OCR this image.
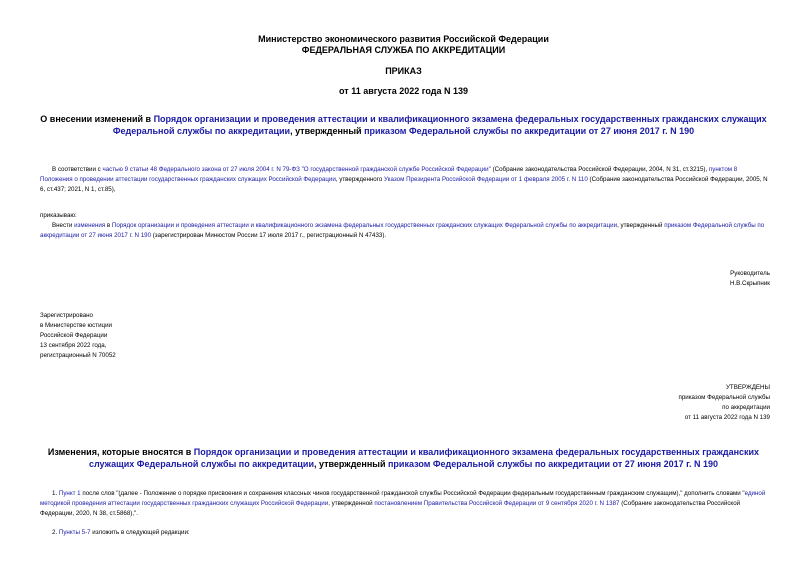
Министерство экономического развития Российской Федерации
ФЕДЕРАЛЬНАЯ СЛУЖБА ПО АККРЕДИТАЦИИ
ПРИКАЗ
от 11 августа 2022 года N 139
О внесении изменений в Порядок организации и проведения аттестации и квалификационного экзамена федеральных государственных гражданских служащих Федеральной службы по аккредитации, утвержденный приказом Федеральной службы по аккредитации от 27 июня 2017 г. N 190
В соответствии с частью 9 статьи 48 Федерального закона от 27 июля 2004 г. N 79-ФЗ "О государственной гражданской службе Российской Федерации" (Собрание законодательства Российской Федерации, 2004, N 31, ст.3215), пунктом 8 Положения о проведении аттестации государственных гражданских служащих Российской Федерации, утвержденного Указом Президента Российской Федерации от 1 февраля 2005 г. N 110 (Собрание законодательства Российской Федерации, 2005, N 6, ст.437; 2021, N 1, ст.85),
приказываю:
Внести изменения в Порядок организации и проведения аттестации и квалификационного экзамена федеральных государственных гражданских служащих Федеральной службы по аккредитации, утвержденный приказом Федеральной службы по аккредитации от 27 июня 2017 г. N 190 (зарегистрирован Минюстом России 17 июля 2017 г., регистрационный N 47433).
Руководитель
Н.В.Скрыпник
Зарегистрировано
в Министерстве юстиции
Российской Федерации
13 сентября 2022 года,
регистрационный N 70052
УТВЕРЖДЕНЫ
приказом Федеральной службы
по аккредитации
от 11 августа 2022 года N 139
Изменения, которые вносятся в Порядок организации и проведения аттестации и квалификационного экзамена федеральных государственных гражданских служащих Федеральной службы по аккредитации, утвержденный приказом Федеральной службы по аккредитации от 27 июня 2017 г. N 190
1. Пункт 1 после слов "(далее - Положение о порядке присвоения и сохранения классных чинов государственной гражданской службы Российской Федерации федеральным государственным гражданским служащим)," дополнить словами "единой методикой проведения аттестации государственных гражданских служащих Российской Федерации, утвержденной постановлением Правительства Российской Федерации от 9 сентября 2020 г. N 1387 (Собрание законодательства Российской Федерации, 2020, N 38, ст.5868),".
2. Пункты 5-7 изложить в следующей редакции:
